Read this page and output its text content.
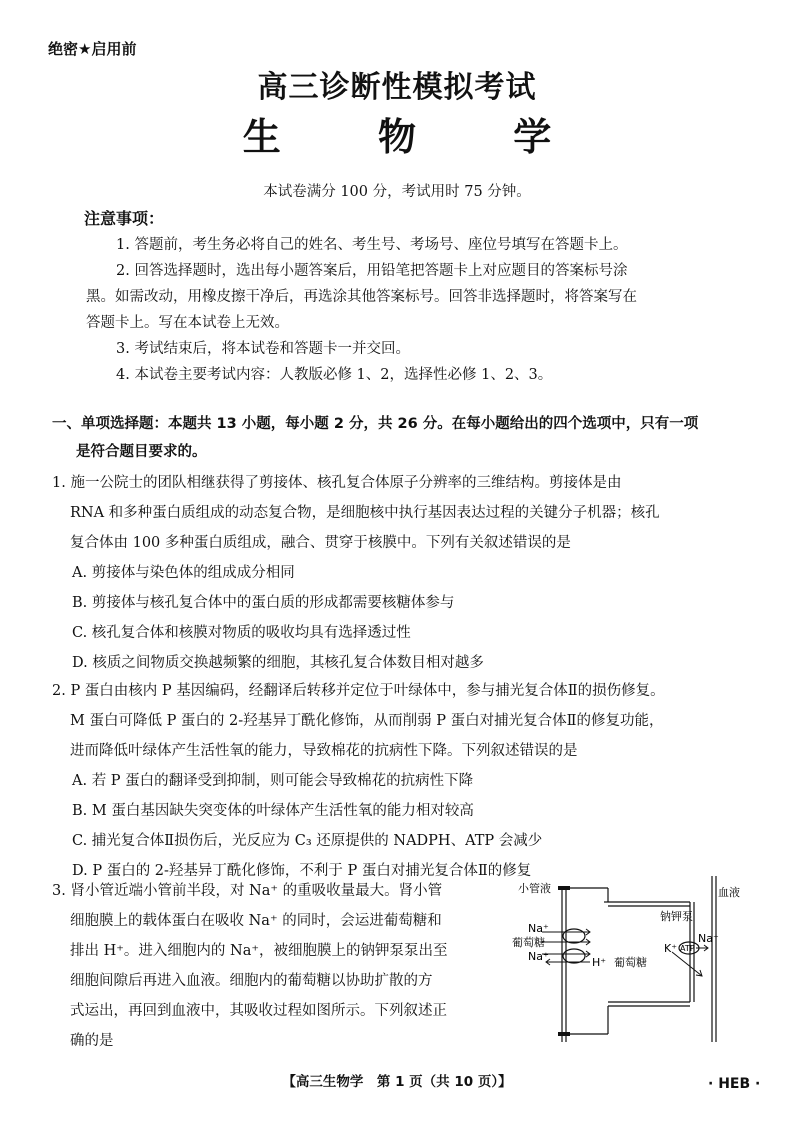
绝密★启用前
高三诊断性模拟考试
生 物 学
本试卷满分 100 分，考试用时 75 分钟。
注意事项：
1. 答题前，考生务必将自己的姓名、考生号、考场号、座位号填写在答题卡上。
2. 回答选择题时，选出每小题答案后，用铅笔把答题卡上对应题目的答案标号涂
黑。如需改动，用橡皮擦干净后，再选涂其他答案标号。回答非选择题时，将答案写在
答题卡上。写在本试卷上无效。
3. 考试结束后，将本试卷和答题卡一并交回。
4. 本试卷主要考试内容：人教版必修 1、2，选择性必修 1、2、3。
一、单项选择题：本题共 13 小题，每小题 2 分，共 26 分。在每小题给出的四个选项中，只有一项
是符合题目要求的。
1. 施一公院士的团队相继获得了剪接体、核孔复合体原子分辨率的三维结构。剪接体是由
RNA 和多种蛋白质组成的动态复合物，是细胞核中执行基因表达过程的关键分子机器；核孔
复合体由 100 多种蛋白质组成，融合、贯穿于核膜中。下列有关叙述错误的是
A. 剪接体与染色体的组成成分相同
B. 剪接体与核孔复合体中的蛋白质的形成都需要核糖体参与
C. 核孔复合体和核膜对物质的吸收均具有选择透过性
D. 核质之间物质交换越频繁的细胞，其核孔复合体数目相对越多
2. P 蛋白由核内 P 基因编码，经翻译后转移并定位于叶绿体中，参与捕光复合体Ⅱ的损伤修复。
M 蛋白可降低 P 蛋白的 2-羟基异丁酰化修饰，从而削弱 P 蛋白对捕光复合体Ⅱ的修复功能，
进而降低叶绿体产生活性氧的能力，导致棉花的抗病性下降。下列叙述错误的是
A. 若 P 蛋白的翻译受到抑制，则可能会导致棉花的抗病性下降
B. M 蛋白基因缺失突变体的叶绿体产生活性氧的能力相对较高
C. 捕光复合体Ⅱ损伤后，光反应为 C₃ 还原提供的 NADPH、ATP 会减少
D. P 蛋白的 2-羟基异丁酰化修饰，不利于 P 蛋白对捕光复合体Ⅱ的修复
3. 肾小管近端小管前半段，对 Na⁺ 的重吸收量最大。肾小管
细胞膜上的载体蛋白在吸收 Na⁺ 的同时，会运进葡萄糖和
排出 H⁺。进入细胞内的 Na⁺，被细胞膜上的钠钾泵泵出至
细胞间隙后再进入血液。细胞内的葡萄糖以协助扩散的方
式运出，再回到血液中，其吸收过程如图所示。下列叙述正
确的是
小管液	血液
钠钾泵
Na⁺
葡萄糖
Na⁺	H⁺ 葡萄糖
K⁺ ATP
Na⁺
【高三生物学　第 1 页（共 10 页）】	· HEB ·
